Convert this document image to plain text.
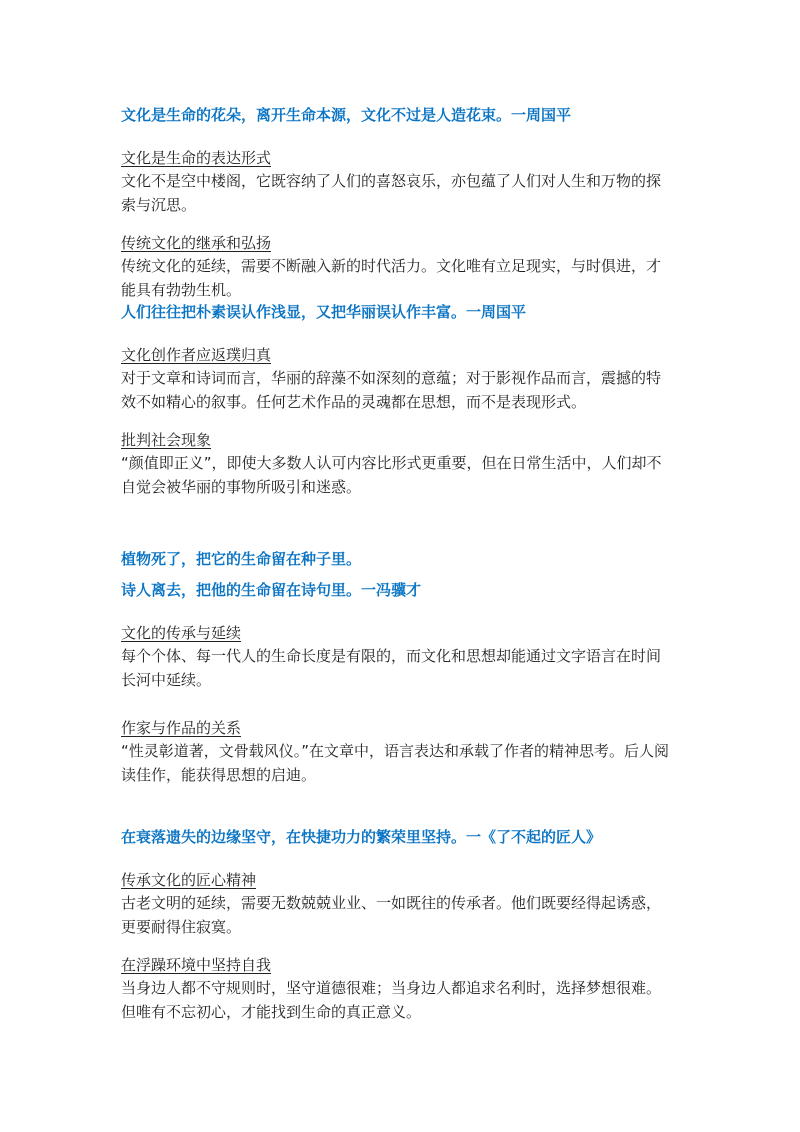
文化是生命的花朵，离开生命本源，文化不过是人造花束。一周国平
文化是生命的表达形式
文化不是空中楼阁，它既容纳了人们的喜怒哀乐，亦包蕴了人们对人生和万物的探索与沉思。
传统文化的继承和弘扬
传统文化的延续，需要不断融入新的时代活力。文化唯有立足现实，与时俱进，才能具有勃勃生机。
人们往往把朴素误认作浅显，又把华丽误认作丰富。一周国平
文化创作者应返璞归真
对于文章和诗词而言，华丽的辞藻不如深刻的意蕴；对于影视作品而言，震撼的特效不如精心的叙事。任何艺术作品的灵魂都在思想，而不是表现形式。
批判社会现象
“颜值即正义”，即使大多数人认可内容比形式更重要，但在日常生活中，人们却不自觉会被华丽的事物所吸引和迷惑。
植物死了，把它的生命留在种子里。
诗人离去，把他的生命留在诗句里。一冯骥才
文化的传承与延续
每个个体、每一代人的生命长度是有限的，而文化和思想却能通过文字语言在时间长河中延续。
作家与作品的关系
“性灵彰道著，文骨载风仪。”在文章中，语言表达和承载了作者的精神思考。后人阅读佳作，能获得思想的启迪。
在衰落遗失的边缘坚守，在快捷功力的繁荣里坚持。一《了不起的匠人》
传承文化的匠心精神
古老文明的延续，需要无数兢兢业业、一如既往的传承者。他们既要经得起诱惑，更要耐得住寂寞。
在浮躁环境中坚持自我
当身边人都不守规则时，坚守道德很难；当身边人都追求名利时，选择梦想很难。但唯有不忘初心，才能找到生命的真正意义。
